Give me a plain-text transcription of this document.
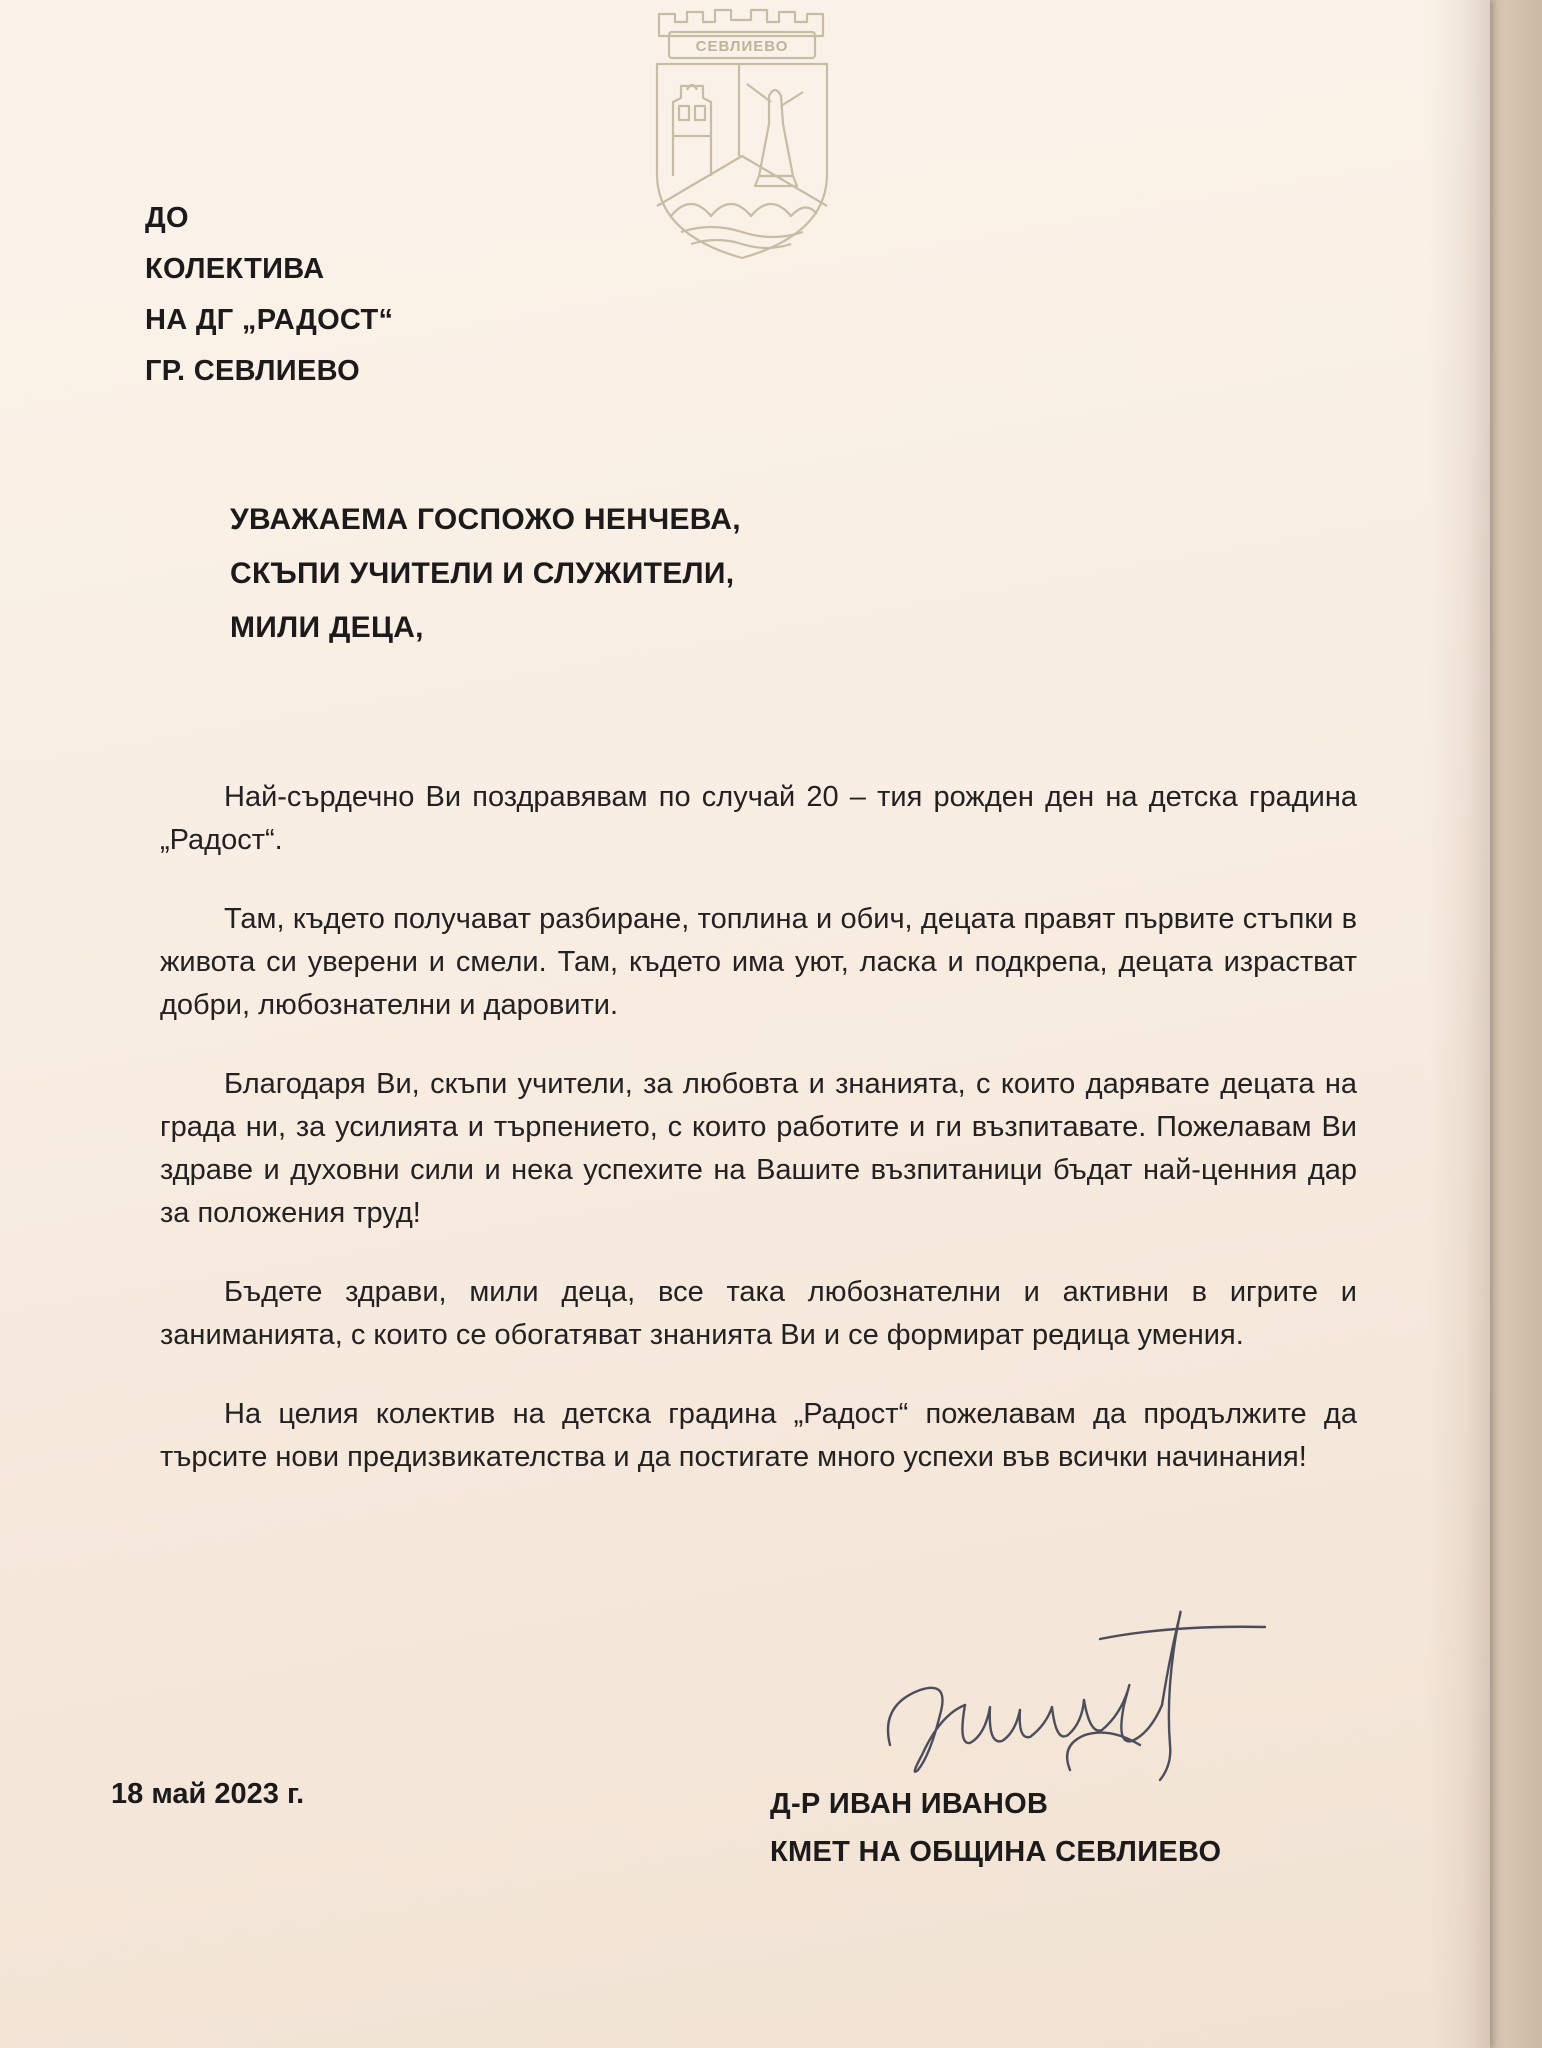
СЕВЛИЕВО
ДО
КОЛЕКТИВА
НА ДГ „РАДОСТ“
ГР. СЕВЛИЕВО
УВАЖАЕМА ГОСПОЖО НЕНЧЕВА,
СКЪПИ УЧИТЕЛИ И СЛУЖИТЕЛИ,
МИЛИ ДЕЦА,

Най-сърдечно Ви поздравявам по случай 20 – тия рожден ден на детска градина „Радост“.

Там, където получават разбиране, топлина и обич, децата правят първите стъпки в живота си уверени и смели. Там, където има уют, ласка и подкрепа, децата израстват добри, любознателни и даровити.

Благодаря Ви, скъпи учители, за любовта и знанията, с които дарявате децата на града ни, за усилията и търпението, с които работите и ги възпитавате. Пожелавам Ви здраве и духовни сили и нека успехите на Вашите възпитаници бъдат най-ценния дар за положения труд!

Бъдете здрави, мили деца, все така любознателни и активни в игрите и заниманията, с които се обогатяват знанията Ви и се формират редица умения.

На целия колектив на детска градина „Радост“ пожелавам да продължите да търсите нови предизвикателства и да постигате много успехи във всички начинания!

18 май 2023 г.	Д-Р ИВАН ИВАНОВ
КМЕТ НА ОБЩИНА СЕВЛИЕВО
